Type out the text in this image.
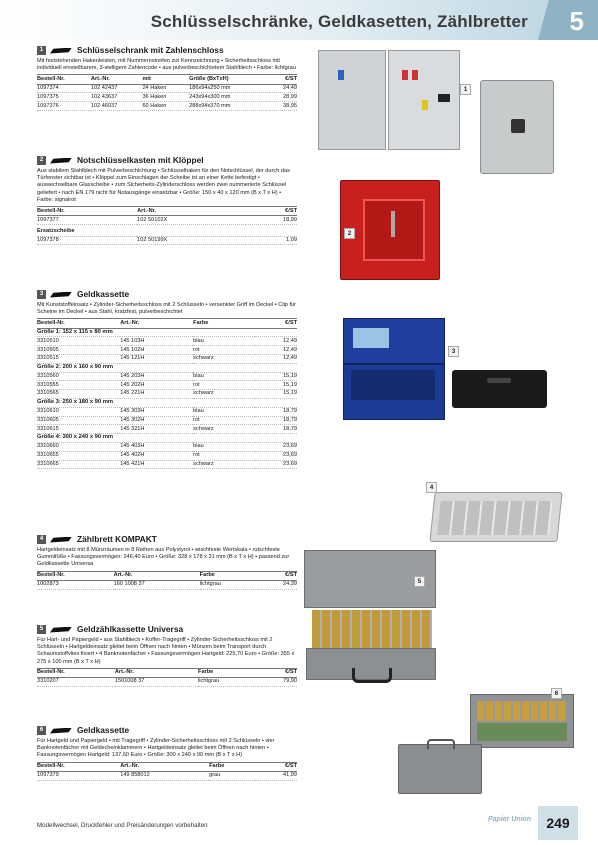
Schlüsselschränke, Geldkasetten, Zählbretter 5
1	Schlüsselschrank mit Zahlenschloss
Mit feststehenden Hakenleisten, mit Nummernstreifen zur Kennzeichnung • Sicherheitsschloss mit individuell einstellbarem, 3-stelligem Zahlencode • aus pulverbeschichtetem Stahlblech • Farbe: lichtgrau
Bestell-Nr.	Art.-Nr.	mit	Größe (BxTxH)	€/ST
1097374	102 42437	24 Haken	186x94x250 mm	24,49
1097375	102 43637	36 Haken	243x94x300 mm	28,99
1097376	102 46037	60 Haken	288x94x370 mm	38,95
2	Notschlüsselkasten mit Klöppel
Aus stabilem Stahlblech mit Pulverbeschichtung • Schlüsselhaken für den Notschlüssel, der durch das Türfenster sichtbar ist • Klöppel zum Einschlagen der Scheibe ist an einer Kette befestigt • auswechselbare Glasscheibe • zum Sicherheits-Zylinderschloss werden zwei nummerierte Schlüssel geliefert • nach EN 179 nicht für Notausgänge einsetzbar • Größe: 150 x 40 x 120 mm (B x T x H) • Farbe: signalrot
Bestell-Nr.	Art.-Nr.		€/ST
1097377	102 50102X		18,99
Ersatzscheibe		
1097378	102 50199X		1,09
3	Geldkassette
Mit Kunststoffeinsatz • Zylinder-Sicherheitsschloss mit 2 Schlüsseln • versenkter Griff im Deckel • Clip für Scheine im Deckel • aus Stahl, kratzfest, pulverbeschichtet
Bestell-Nr.	Art.-Nr.	Farbe	€/ST
Größe 1: 152 x 115 x 80 mm			
3310510	145 103H	blau	12,49
3310505	145 102H	rot	12,49
3310515	145 121H	schwarz	12,49
Größe 2: 200 x 160 x 90 mm			
3310560	145 203H	blau	15,19
3310555	145 202H	rot	15,19
3310565	145 221H	schwarz	15,19
Größe 3: 250 x 180 x 90 mm			
3310610	145 303H	blau	18,79
3310605	145 302H	rot	18,79
3310615	145 321H	schwarz	18,79
Größe 4: 300 x 240 x 90 mm			
3310660	145 403H	blau	23,69
3310655	145 402H	rot	23,69
3310665	145 421H	schwarz	23,69
4	Zählbrett KOMPAKT
Hartgeldeinsatz mit 8 Münzräumen in 8 Reihen aus Polystyrol • wischfeste Wertskala • rutschfeste Gummifüße • Fassungsvermögen: 246,40 Euro • Größe: 328 x 178 x 31 mm (B x T x H) • passend zur Geldkassette Universa
Bestell-Nr.	Art.-Nr.	Farbe	€/ST
1002873	160 1008 37	lichtgrau	24,39
5	Geldzählkassette Universa
Für Hart- und Papiergeld • aus Stahlblech • Koffer-Tragegriff • Zylinder-Sicherheitsschloss mit 2 Schlüsseln • Hartgeldeinsatz gleitet beim Öffnen nach hinten • Münzen beim Transport durch Schaumstoffvlies fixiert • 4 Banknotenfächer • Fassungsvermögen Hartgeld: 225,70 Euro • Größe: 355 x 275 x 100 mm (B x T x H)
Bestell-Nr.	Art.-Nr.	Farbe	€/ST
3310207	1501008 37	lichtgrau	79,90
6	Geldkassette
Für Hartgeld und Papiergeld • mit Tragegriff • Zylinder-Sicherheitsschloss mit 2 Schlüsseln • vier Banknotenfächer mit Geldscheinklammern • Hartgeldeinsatz gleitet beim Öffnen nach hinten • Fassungsvermögen Hartgeld: 137,60 Euro • Größe: 300 x 240 x 90 mm (B x T x H)
Bestell-Nr.	Art.-Nr.	Farbe	€/ST
1097379	149 858012	grau	41,99
1
2
3
4
5
6
Modellwechsel, Druckfehler und Preisänderungen vorbehalten
Papier Union	249
